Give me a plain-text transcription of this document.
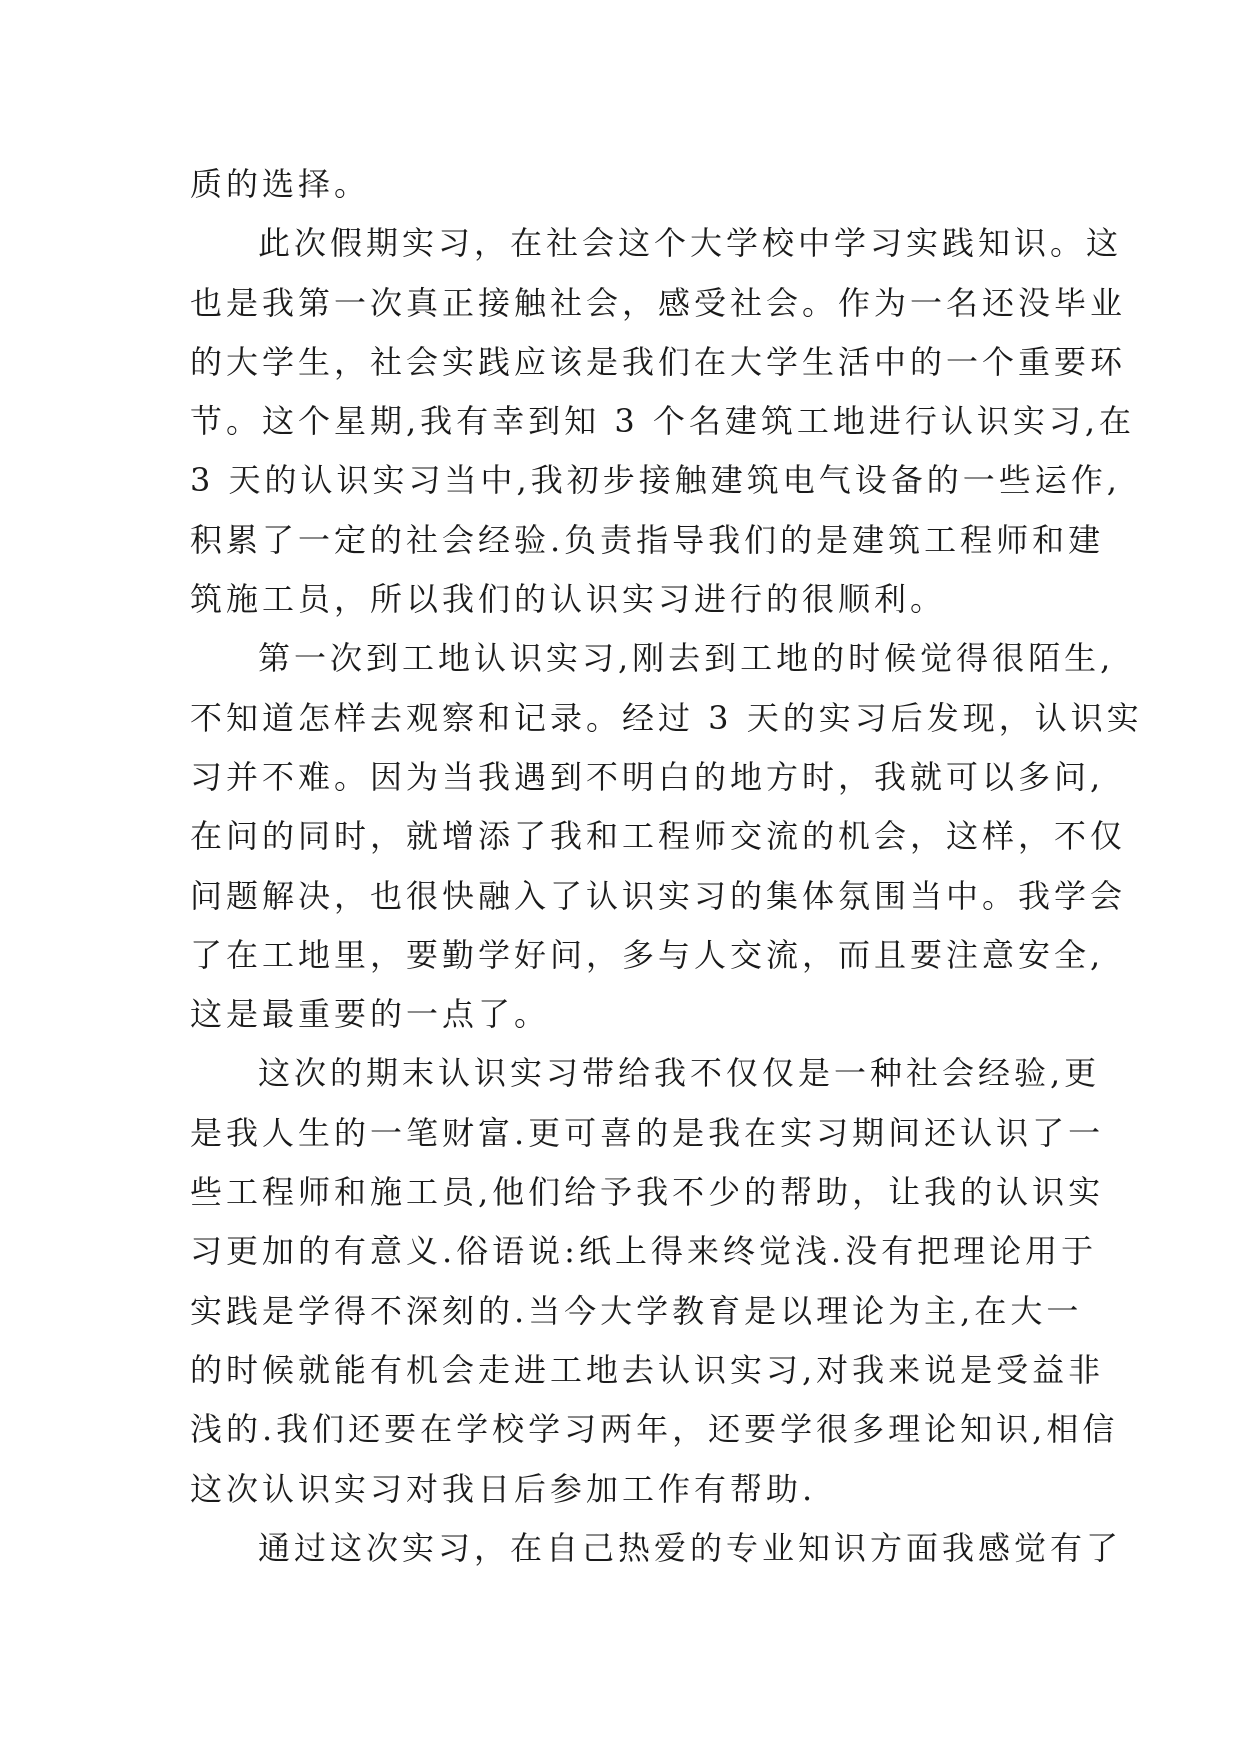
质的选择。
此次假期实习，在社会这个大学校中学习实践知识。这
也是我第一次真正接触社会，感受社会。作为一名还没毕业
的大学生，社会实践应该是我们在大学生活中的一个重要环
节。这个星期,我有幸到知 3 个名建筑工地进行认识实习,在
3 天的认识实习当中,我初步接触建筑电气设备的一些运作,
积累了一定的社会经验.负责指导我们的是建筑工程师和建
筑施工员，所以我们的认识实习进行的很顺利。
第一次到工地认识实习,刚去到工地的时候觉得很陌生,
不知道怎样去观察和记录。经过 3 天的实习后发现，认识实
习并不难。因为当我遇到不明白的地方时，我就可以多问,
在问的同时，就增添了我和工程师交流的机会，这样，不仅
问题解决，也很快融入了认识实习的集体氛围当中。我学会
了在工地里，要勤学好问，多与人交流，而且要注意安全,
这是最重要的一点了。
这次的期末认识实习带给我不仅仅是一种社会经验,更
是我人生的一笔财富.更可喜的是我在实习期间还认识了一
些工程师和施工员,他们给予我不少的帮助，让我的认识实
习更加的有意义.俗语说:纸上得来终觉浅.没有把理论用于
实践是学得不深刻的.当今大学教育是以理论为主,在大一
的时候就能有机会走进工地去认识实习,对我来说是受益非
浅的.我们还要在学校学习两年，还要学很多理论知识,相信
这次认识实习对我日后参加工作有帮助.
通过这次实习，在自己热爱的专业知识方面我感觉有了
